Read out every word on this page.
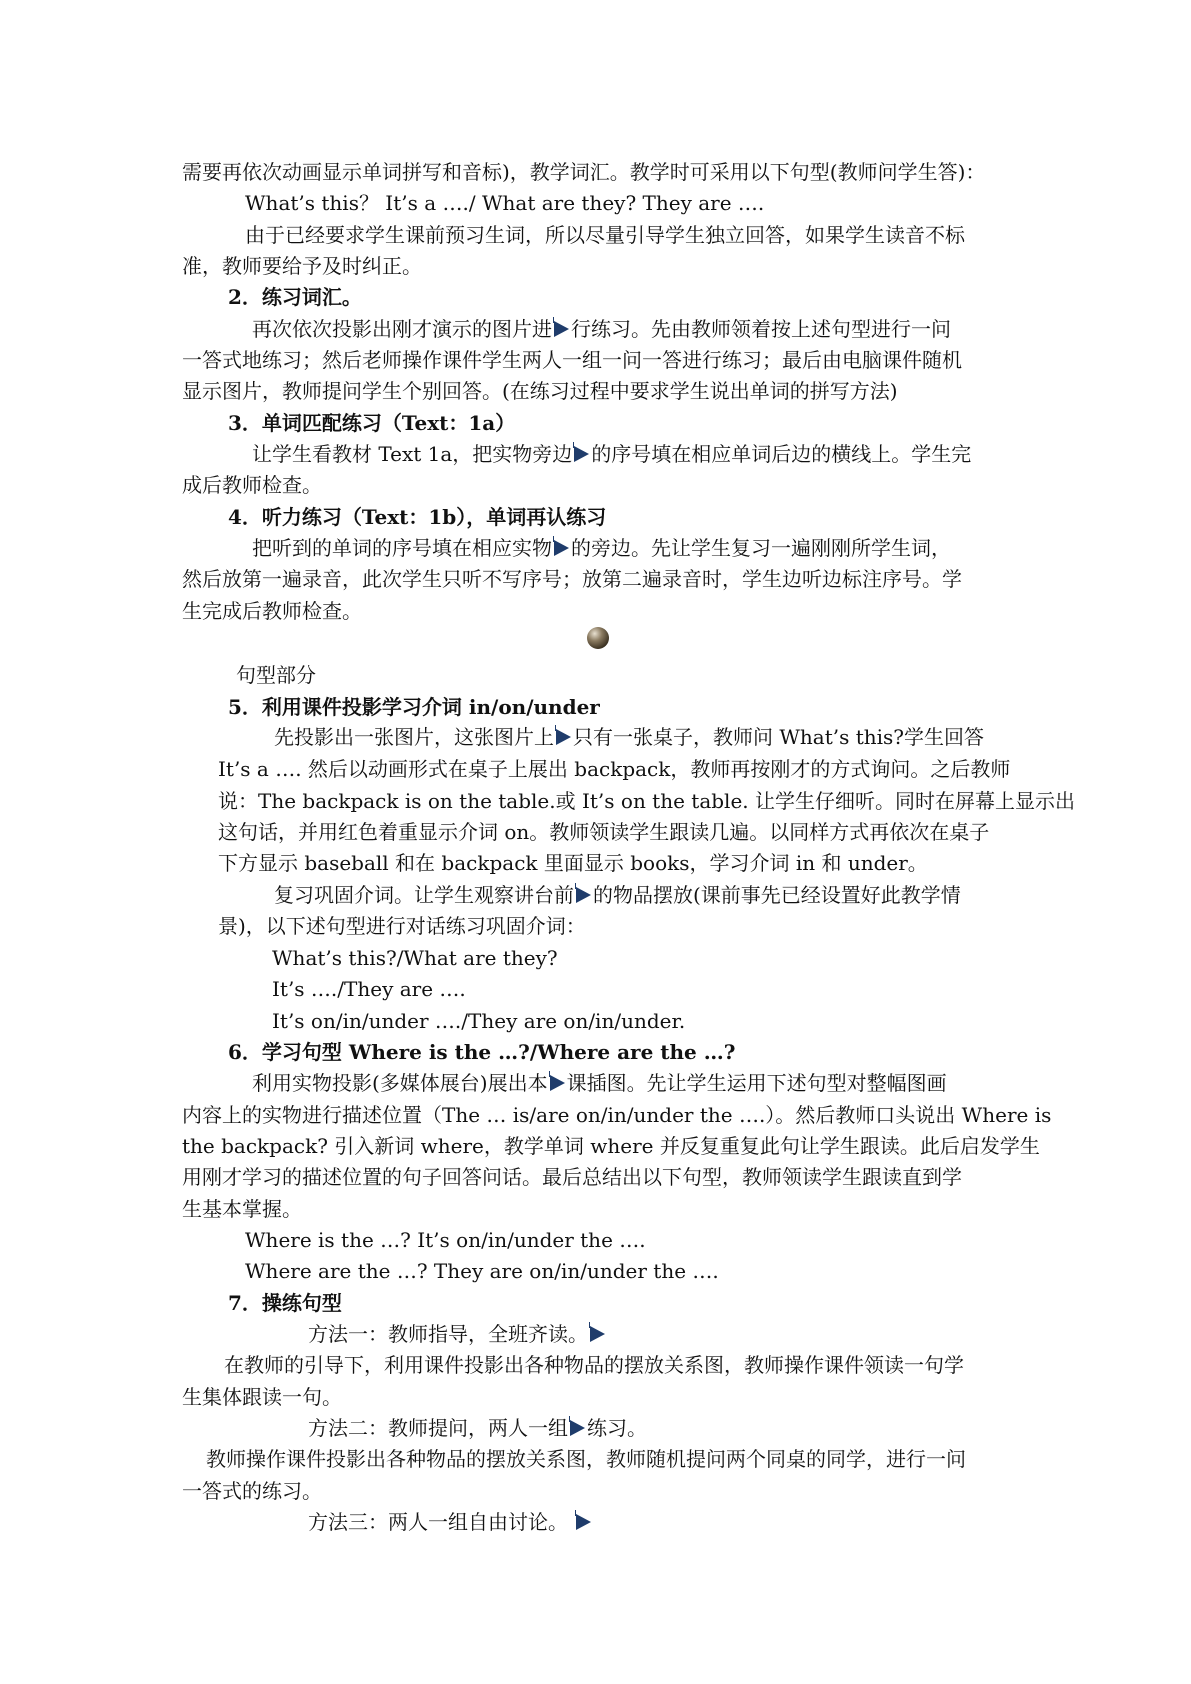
需要再依次动画显示单词拼写和音标)，教学词汇。教学时可采用以下句型(教师问学生答)：
What’s this？ It’s a …./ What are they? They are ….
由于已经要求学生课前预习生词，所以尽量引导学生独立回答，如果学生读音不标
准，教师要给予及时纠正。
2．练习词汇。
再次依次投影出刚才演示的图片进 行练习。先由教师领着按上述句型进行一问
一答式地练习；然后老师操作课件学生两人一组一问一答进行练习；最后由电脑课件随机
显示图片，教师提问学生个别回答。(在练习过程中要求学生说出单词的拼写方法)
3．单词匹配练习（Text：1a）
让学生看教材 Text 1a，把实物旁边 的序号填在相应单词后边的横线上。学生完
成后教师检查。
4．听力练习（Text：1b），单词再认练习
把听到的单词的序号填在相应实物 的旁边。先让学生复习一遍刚刚所学生词，
然后放第一遍录音，此次学生只听不写序号；放第二遍录音时，学生边听边标注序号。学
生完成后教师检查。
句型部分
5．利用课件投影学习介词 in/on/under
先投影出一张图片，这张图片上 只有一张桌子，教师问 What’s this?学生回答
It’s a …. 然后以动画形式在桌子上展出 backpack，教师再按刚才的方式询问。之后教师
说：The backpack is on the table.或 It’s on the table. 让学生仔细听。同时在屏幕上显示出
这句话，并用红色着重显示介词 on。教师领读学生跟读几遍。以同样方式再依次在桌子
下方显示 baseball 和在 backpack 里面显示 books，学习介词 in 和 under。
复习巩固介词。让学生观察讲台前 的物品摆放(课前事先已经设置好此教学情
景)，以下述句型进行对话练习巩固介词：
What’s this?/What are they?
It’s …./They are ….
It’s on/in/under …./They are on/in/under.
6．学习句型 Where is the …?/Where are the …?
利用实物投影(多媒体展台)展出本 课插图。先让学生运用下述句型对整幅图画
内容上的实物进行描述位置（The … is/are on/in/under the ….）。然后教师口头说出 Where is
the backpack? 引入新词 where，教学单词 where 并反复重复此句让学生跟读。此后启发学生
用刚才学习的描述位置的句子回答问话。最后总结出以下句型，教师领读学生跟读直到学
生基本掌握。
Where is the …? It’s on/in/under the ….
Where are the …? They are on/in/under the ….
7．操练句型
方法一：教师指导，全班齐读。
在教师的引导下，利用课件投影出各种物品的摆放关系图，教师操作课件领读一句学
生集体跟读一句。
方法二：教师提问，两人一组 练习。
教师操作课件投影出各种物品的摆放关系图，教师随机提问两个同桌的同学，进行一问
一答式的练习。
方法三：两人一组自由讨论。
